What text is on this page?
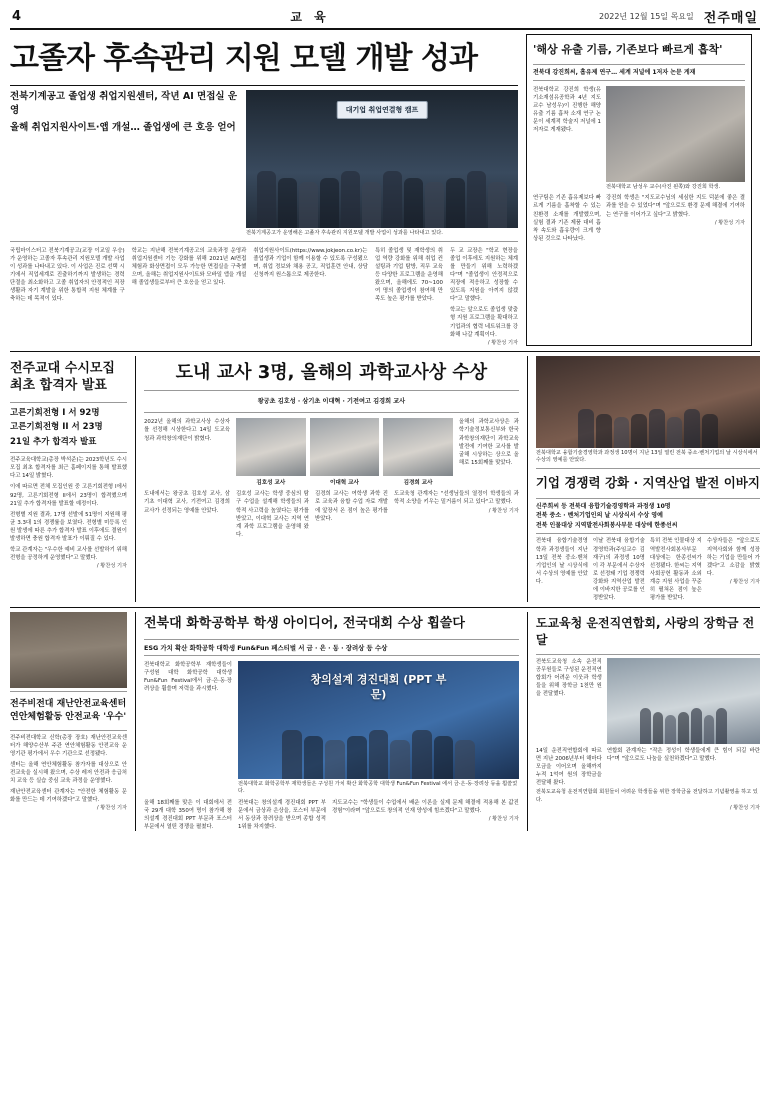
4	교 육	2022년 12월 15일 목요일 전주매일
고졸자 후속관리 지원 모델 개발 성과
전북기계공고 졸업생 취업지원센터, 작년 AI 면접실 운영
올해 취업지원사이트·앱 개설… 졸업생에 큰 호응 얻어
대기업 취업연결형 캠프
전북기계공고가 운영해온 고졸자 후속관리 지원모델 개발 사업이 성과를 나타내고 있다.
국립마이스터고 전북기계공고(교장 이교일 우승)가 운영하는 고졸자 후속관리 지원모델 개발 사업이 성과를 나타내고 있다. 이 사업은 진로 선택 시기에서 직업세계로 진출하기까지 발생하는 경력 단절을 최소화하고 고졸 취업자의 안정적인 직장 생활과 자기 계발을 위한 통합적 지원 체계를 구축하는 데 목적이 있다.
학교는 지난해 전북기계공고의 교육과정 운영과 취업지원센터 기능 강화를 위해 2021년 AI면접 체험과 화상면접이 모두 가능한 면접실을 구축했으며, 올해는 취업지원사이트와 모바일 앱을 개설해 졸업생들로부터 큰 호응을 얻고 있다.
취업지원사이트(https://www.jokjeon.co.kr)는 졸업생과 기업이 함께 이용할 수 있도록 구성됐으며, 취업 정보와 채용 공고, 직업훈련 안내, 상담 신청까지 원스톱으로 제공한다.
특히 졸업생 및 재학생의 취업 역량 강화를 위해 취업 컨설팅과 기업 탐방, 직무 교육 등 다양한 프로그램을 운영해 왔으며, 올해에도 70~100여 명의 졸업생이 참여해 만족도 높은 평가를 받았다.
두 교 교장은 "학교 현장을 졸업 이후에도 지원하는 체계를 만들기 위해 노력하겠다"며 "졸업생이 안정적으로 직장에 적응하고 성장할 수 있도록 지원을 아끼지 않겠다"고 말했다.
학교는 앞으로도 졸업생 맞춤형 지원 프로그램을 확대하고 기업과의 협력 네트워크를 강화해 나갈 계획이다.
/ 황찬성 기자
'해상 유출 기름, 기존보다 빠르게 흡착'
전북대 강진희씨, 흡유제 연구… 세계 저널에 1저자 논문 게재
전북대학교 강진희 학생(유기소재섬유공학과 4년 지도교수 남성우)이 진행한 해양 유출 기름 흡착 소재 연구 논문이 세계적 학술지 저널에 1저자로 게재됐다.
전북대학교 남성우 교수(사진 왼쪽)와 강진희 학생.
연구팀은 기존 흡유제보다 빠르게 기름을 흡착할 수 있는 친환경 소재를 개발했으며, 실험 결과 기존 제품 대비 흡착 속도와 흡유량이 크게 향상된 것으로 나타났다.
강진희 학생은 "지도교수님의 세심한 지도 덕분에 좋은 결과를 얻을 수 있었다"며 "앞으로도 환경 문제 해결에 기여하는 연구를 이어가고 싶다"고 밝혔다.
/ 황찬성 기자
전주교대 수시모집 최초 합격자 발표
고른기회전형 I 서 92명
고른기회전형 II 서 23명
21일 추가 합격자 발표
전주교육대학교(총장 박석준)는 2023학년도 수시모집 최초 합격자를 최근 홈페이지를 통해 발표했다고 14일 밝혔다.
이에 따르면 전체 모집인원 중 고른기회전형 I에서 92명, 고른기회전형 II에서 23명이 합격했으며 21일 추가 합격자를 발표할 예정이다.
전형별 지원 결과, 17명 선발에 51명이 지원해 평균 3.3대 1의 경쟁률을 보였다. 전형별 미등록 인원 발생에 따른 추가 합격자 발표 이후에도 결원이 발생하면 충원 합격자 발표가 이뤄질 수 있다.
학교 관계자는 "우수한 예비 교사를 선발하기 위해 전형을 공정하게 운영했다"고 말했다.
/ 황찬성 기자
도내 교사 3명, 올해의 과학교사상 수상
왕궁초 김호성 · 삼기초 이대혁 · 기전여고 김경희 교사
2022년 올해의 과학교사상 수상자를 선정해 시상한다고 14일 도교육청과 과학창의재단이 밝혔다.
김호성 교사	이대혁 교사	김경희 교사
올해의 과학교사상은 과학기술정보통신부와 한국과학창의재단이 과학교육 발전에 기여한 교사를 발굴해 시상하는 상으로 올해로 15회째를 맞았다.
도내에서는 왕궁초 김호성 교사, 삼기초 이대혁 교사, 기전여고 김경희 교사가 선정되는 영예를 안았다.
김호성 교사는 학생 중심의 탐구 수업을 설계해 학생들의 과학적 사고력을 높였다는 평가를 받았고, 이대혁 교사는 지역 연계 과학 프로그램을 운영해 왔다.
김경희 교사는 여학생 과학 진로 교육과 융합 수업 자료 개발에 앞장서 온 점이 높은 평가를 받았다.
도교육청 관계자는 "선생님들의 열정이 학생들의 과학적 소양을 키우는 밑거름이 되고 있다"고 말했다.
/ 황찬성 기자
전북대학교 융합기술경영학과 과정생 10명이 지난 13일 열린 전북 중소·벤처기업의 날 시상식에서 수상의 영예를 안았다.
기업 경쟁력 강화 · 지역산업 발전 이바지
신주희씨 등 전북대 융합기술경영학과 과정생 10명
전북 중소 · 벤처기업인의 날 시상식서 수상 영예
전북 인물대상 지역발전사회봉사부문 대상에 한종선씨
전북대 융합기술경영학과 과정생들이 지난 13일 전북 중소·벤처기업인의 날 시상식에서 수상의 영예를 안았다.
이날 전북대 융합기술경영학과(주임교수 김재구)의 과정생 10명이 각 부문에서 수상자로 선정돼 기업 경쟁력 강화와 지역산업 발전에 이바지한 공로를 인정받았다.
특히 전북 인물대상 지역발전사회봉사부문 대상에는 한종선씨가 선정됐다. 한씨는 지역 사회공헌 활동과 소외계층 지원 사업을 꾸준히 펼쳐온 점이 높은 평가를 받았다.
수상자들은 "앞으로도 지역사회와 함께 성장하는 기업을 만들어 가겠다"고 소감을 밝혔다.
/ 황찬성 기자
전주비전대 재난안전교육센터 연안체험활동 안전교육 '우수'
전주비전대학교 신학(총장 장호) 재난안전교육센터가 해양수산부 주관 연안체험활동 안전교육 운영기관 평가에서 우수 기관으로 선정됐다.
센터는 올해 연안체험활동 참가자를 대상으로 안전교육을 실시해 왔으며, 수상 레저 안전과 응급처치 교육 등 실습 중심 교육 과정을 운영했다.
재난안전교육센터 관계자는 "안전한 체험활동 문화를 만드는 데 기여하겠다"고 말했다.
/ 황찬성 기자
전북대 화학공학부 학생 아이디어, 전국대회 수상 휩쓸다
ESG 가치 확산 화학공학 대학생 Fun&Fun 페스티벌 서 금 · 은 · 동 · 장려상 등 수상
전북대학교 화학공학부 재학생들이 구성원 대학 화학공학 대학생 Fun&Fun Festival에서 금·은·동·장려상을 휩쓸며 저력을 과시했다.
창의설계 경진대회 (PPT 부문)
전북대학교 화학공학부 재학생들은 구성원 가치 확산 화학공학 대학생 Fun&Fun Festival 에서 금·은·동·장려상 등을 휩쓸었다.
올해 18회째를 맞은 이 대회에서 전국 29개 대학 350여 명이 참가해 창의설계 경진대회 PPT 부문과 포스터 부문에서 열띤 경쟁을 펼쳤다.
전북대는 창의설계 경진대회 PPT 부문에서 금상과 은상을, 포스터 부문에서 동상과 장려상을 받으며 종합 성적 1위를 차지했다.
지도교수는 "학생들이 수업에서 배운 이론을 실제 문제 해결에 적용해 본 값진 경험"이라며 "앞으로도 창의적 인재 양성에 힘쓰겠다"고 말했다.
/ 황찬성 기자
도교육청 운전직연합회, 사랑의 장학금 전달
전북도교육청 소속 운전직 공무원들로 구성된 운전직연합회가 어려운 이웃과 학생들을 위해 장학금 1천만 원을 전달했다.
14일 운전직연합회에 따르면 지난 2006년부터 해마다 모금을 이어오며 올해까지 누적 1억여 원의 장학금을 전달해 왔다.
연합회 관계자는 "작은 정성이 학생들에게 큰 힘이 되길 바란다"며 "앞으로도 나눔을 실천하겠다"고 말했다.
전북도교육청 운전직연합회 회원들이 어려운 학생들을 위한 장학금을 전달하고 기념촬영을 하고 있다.
/ 황찬성 기자
